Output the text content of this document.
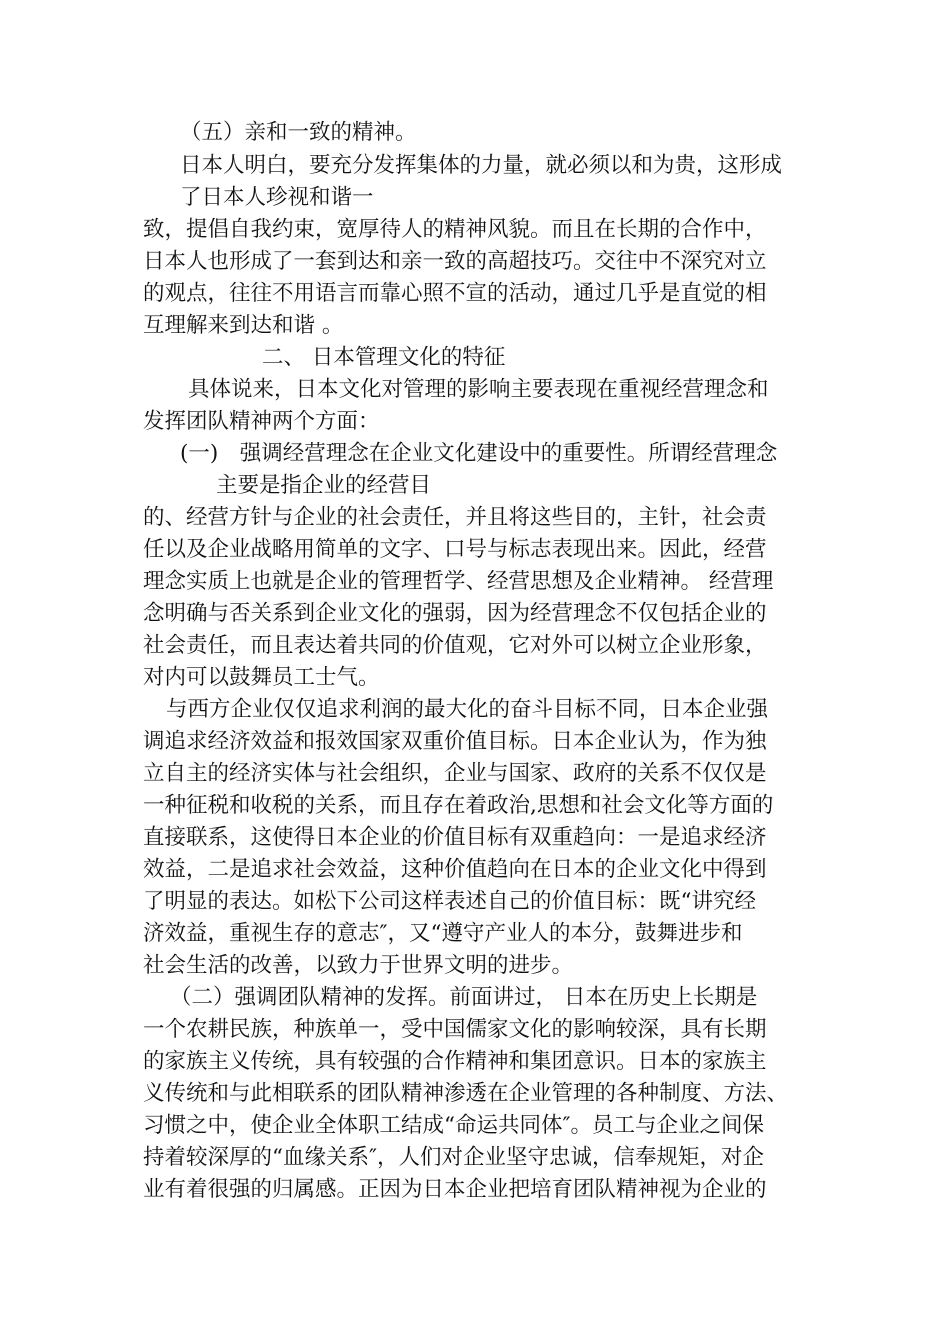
（五）亲和一致的精神。
日本人明白，要充分发挥集体的力量，就必须以和为贵，这形成
了日本人珍视和谐一
致，提倡自我约束，宽厚待人的精神风貌。而且在长期的合作中，
日本人也形成了一套到达和亲一致的高超技巧。交往中不深究对立
的观点，往往不用语言而靠心照不宣的活动，通过几乎是直觉的相
互理解来到达和谐 。
二、 日本管理文化的特征
具体说来，日本文化对管理的影响主要表现在重视经营理念和
发挥团队精神两个方面：
(一)　强调经营理念在企业文化建设中的重要性。所谓经营理念
主要是指企业的经营目
的、经营方针与企业的社会责任，并且将这些目的，主针，社会责
任以及企业战略用简单的文字、口号与标志表现出来。因此，经营
理念实质上也就是企业的管理哲学、经营思想及企业精神。 经营理
念明确与否关系到企业文化的强弱，因为经营理念不仅包括企业的
社会责任，而且表达着共同的价值观，它对外可以树立企业形象，
对内可以鼓舞员工士气。
与西方企业仅仅追求利润的最大化的奋斗目标不同，日本企业强
调追求经济效益和报效国家双重价值目标。日本企业认为，作为独
立自主的经济实体与社会组织，企业与国家、政府的关系不仅仅是
一种征税和收税的关系，而且存在着政治,思想和社会文化等方面的
直接联系，这使得日本企业的价值目标有双重趋向：一是追求经济
效益，二是追求社会效益，这种价值趋向在日本的企业文化中得到
了明显的表达。如松下公司这样表述自己的价值目标：既“讲究经
济效益，重视生存的意志″，又“遵守产业人的本分，鼓舞进步和
社会生活的改善，以致力于世界文明的进步。
（二）强调团队精神的发挥。前面讲过， 日本在历史上长期是
一个农耕民族，种族单一，受中国儒家文化的影响较深，具有长期
的家族主义传统，具有较强的合作精神和集团意识。日本的家族主
义传统和与此相联系的团队精神渗透在企业管理的各种制度、方法、
习惯之中，使企业全体职工结成“命运共同体″。员工与企业之间保
持着较深厚的“血缘关系″，人们对企业坚守忠诚，信奉规矩，对企
业有着很强的归属感。正因为日本企业把培育团队精神视为企业的
